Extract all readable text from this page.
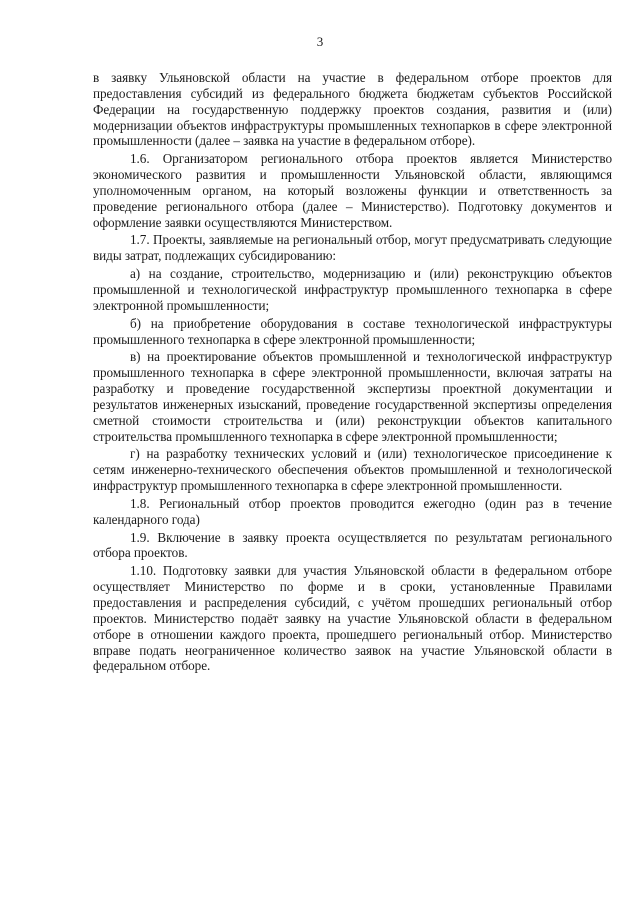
3

в заявку Ульяновской области на участие в федеральном отборе проектов для предоставления субсидий из федерального бюджета бюджетам субъектов Российской Федерации на государственную поддержку проектов создания, развития и (или) модернизации объектов инфраструктуры промышленных технопарков в сфере электронной промышленности (далее – заявка на участие в федеральном отборе).

1.6. Организатором регионального отбора проектов является Министерство экономического развития и промышленности Ульяновской области, являющимся уполномоченным органом, на который возложены функции и ответственность за проведение регионального отбора (далее – Министерство). Подготовку документов и оформление заявки осуществляются Министерством.

1.7. Проекты, заявляемые на региональный отбор, могут предусматривать следующие виды затрат, подлежащих субсидированию:

а) на создание, строительство, модернизацию и (или) реконструкцию объектов промышленной и технологической инфраструктур промышленного технопарка в сфере электронной промышленности;

б) на приобретение оборудования в составе технологической инфраструктуры промышленного технопарка в сфере электронной промышленности;

в) на проектирование объектов промышленной и технологической инфраструктур промышленного технопарка в сфере электронной промышленности, включая затраты на разработку и проведение государственной экспертизы проектной документации и результатов инженерных изысканий, проведение государственной экспертизы определения сметной стоимости строительства и (или) реконструкции объектов капитального строительства промышленного технопарка в сфере электронной промышленности;

г) на разработку технических условий и (или) технологическое присоединение к сетям инженерно-технического обеспечения объектов промышленной и технологической инфраструктур промышленного технопарка в сфере электронной промышленности.

1.8. Региональный отбор проектов проводится ежегодно (один раз в течение календарного года)

1.9. Включение в заявку проекта осуществляется по результатам регионального отбора проектов.

1.10. Подготовку заявки для участия Ульяновской области в федеральном отборе осуществляет Министерство по форме и в сроки, установленные Правилами предоставления и распределения субсидий, с учётом прошедших региональный отбор проектов. Министерство подаёт заявку на участие Ульяновской области в федеральном отборе в отношении каждого проекта, прошедшего региональный отбор. Министерство вправе подать неограниченное количество заявок на участие Ульяновской области в федеральном отборе.
